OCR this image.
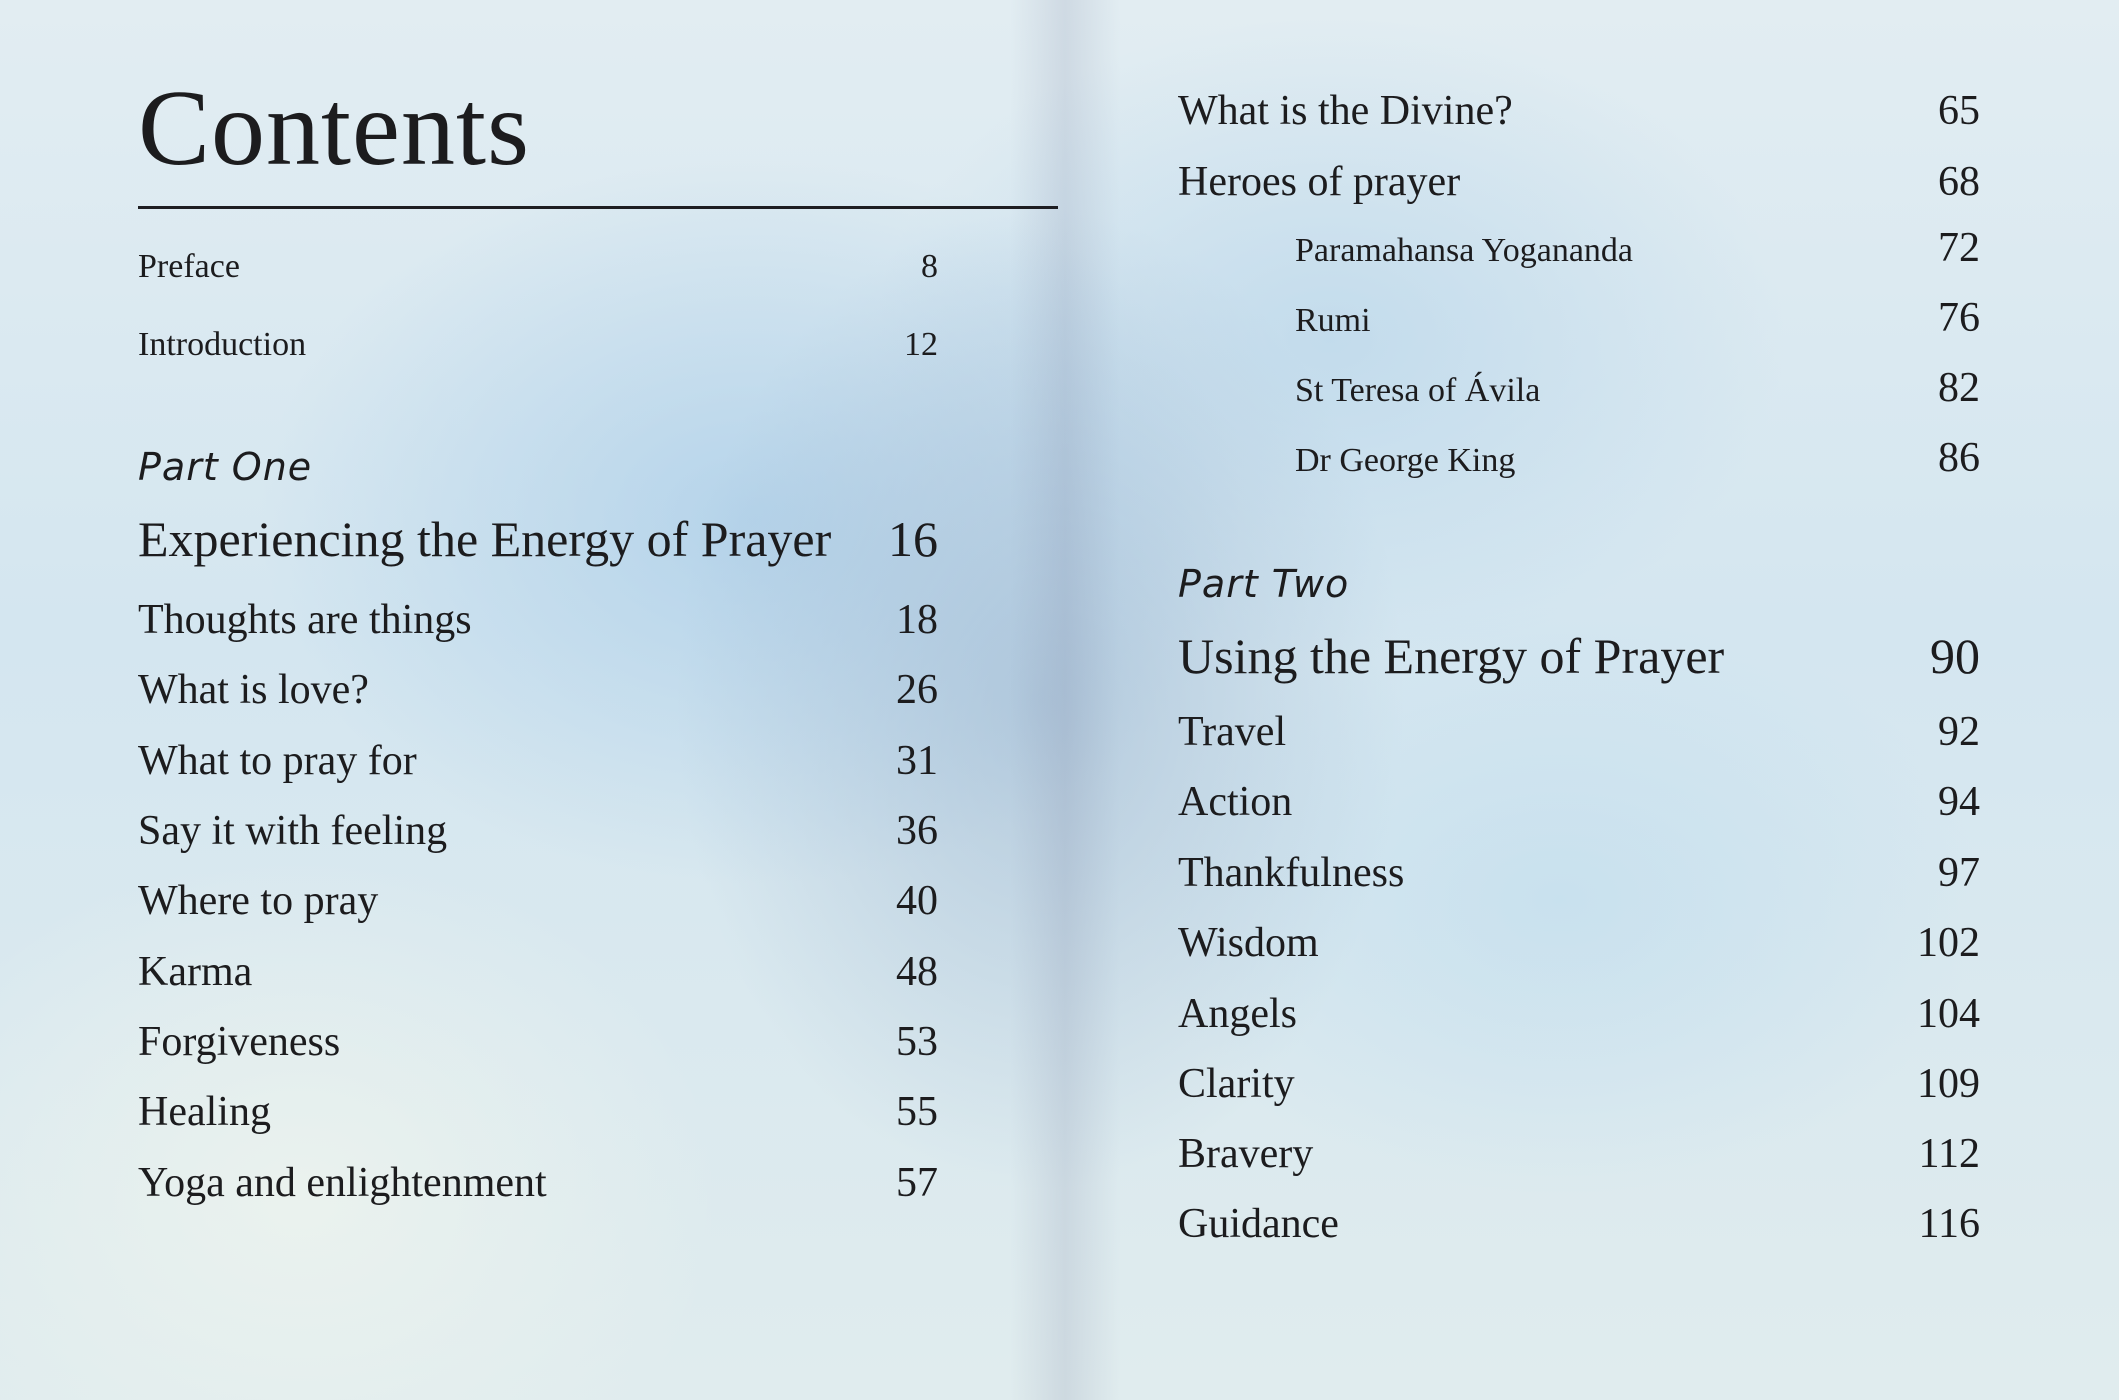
Contents
Preface	8
Introduction	12
Part One
Experiencing the Energy of Prayer 16
Thoughts are things	18
What is love?	26
What to pray for	31
Say it with feeling	36
Where to pray	40
Karma	48
Forgiveness	53
Healing	55
Yoga and enlightenment	57
What is the Divine?	65
Heroes of prayer	68
Paramahansa Yogananda	72
Rumi	76
St Teresa of Ávila	82
Dr George King	86
Part Two
Using the Energy of Prayer	90
Travel	92
Action	94
Thankfulness	97
Wisdom	102
Angels	104
Clarity	109
Bravery	112
Guidance	116
